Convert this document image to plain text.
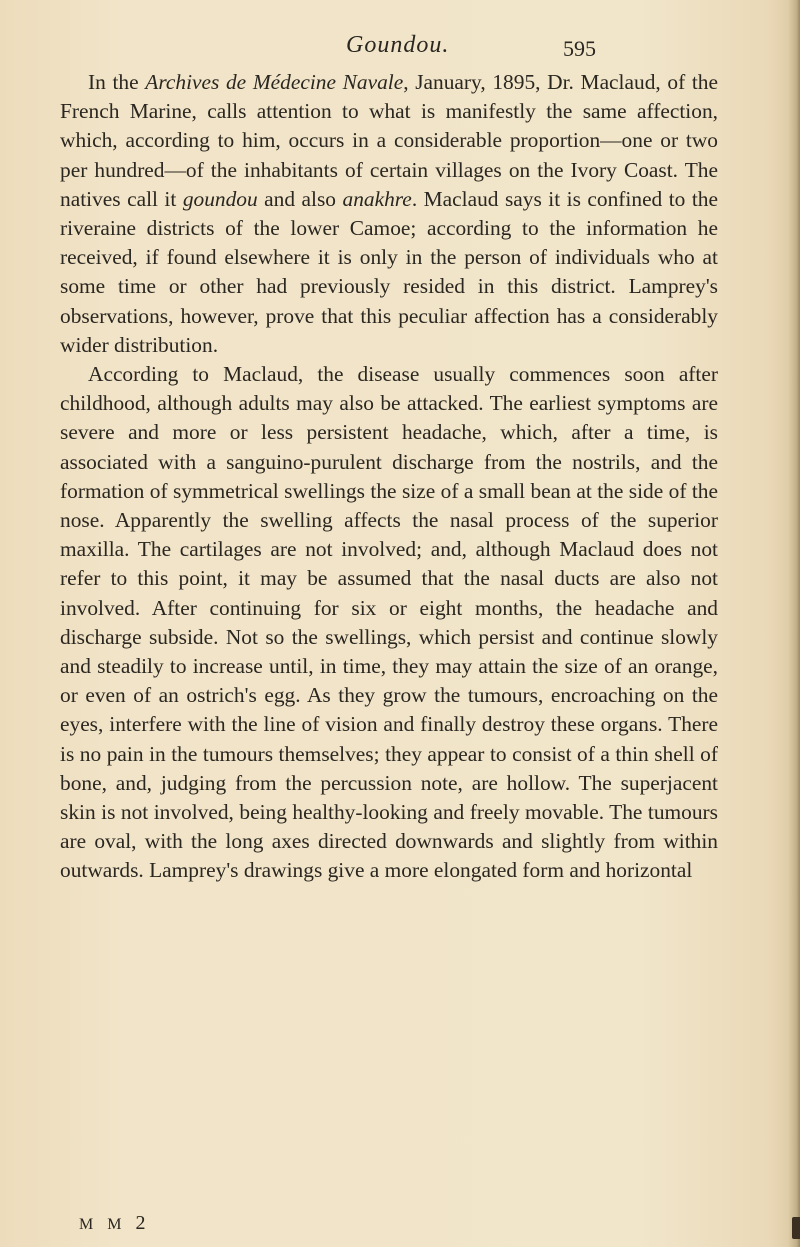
Goundou.	595

In the Archives de Médecine Navale, January, 1895, Dr. Maclaud, of the French Marine, calls attention to what is manifestly the same affection, which, according to him, occurs in a considerable proportion—one or two per hundred—of the inhabitants of certain villages on the Ivory Coast. The natives call it goundou and also anakhre. Maclaud says it is confined to the riveraine districts of the lower Camoe; according to the information he received, if found elsewhere it is only in the person of individuals who at some time or other had previously resided in this district. Lamprey's observations, however, prove that this peculiar affection has a considerably wider distribution.

According to Maclaud, the disease usually commences soon after childhood, although adults may also be attacked. The earliest symptoms are severe and more or less persistent headache, which, after a time, is associated with a sanguino-purulent discharge from the nostrils, and the formation of symmetrical swellings the size of a small bean at the side of the nose. Apparently the swelling affects the nasal process of the superior maxilla. The cartilages are not involved; and, although Maclaud does not refer to this point, it may be assumed that the nasal ducts are also not involved. After continuing for six or eight months, the headache and discharge subside. Not so the swellings, which persist and continue slowly and steadily to increase until, in time, they may attain the size of an orange, or even of an ostrich's egg. As they grow the tumours, encroaching on the eyes, interfere with the line of vision and finally destroy these organs. There is no pain in the tumours themselves; they appear to consist of a thin shell of bone, and, judging from the percussion note, are hollow. The superjacent skin is not involved, being healthy-looking and freely movable. The tumours are oval, with the long axes directed downwards and slightly from within outwards. Lamprey's drawings give a more elongated form and horizontal

M M 2
